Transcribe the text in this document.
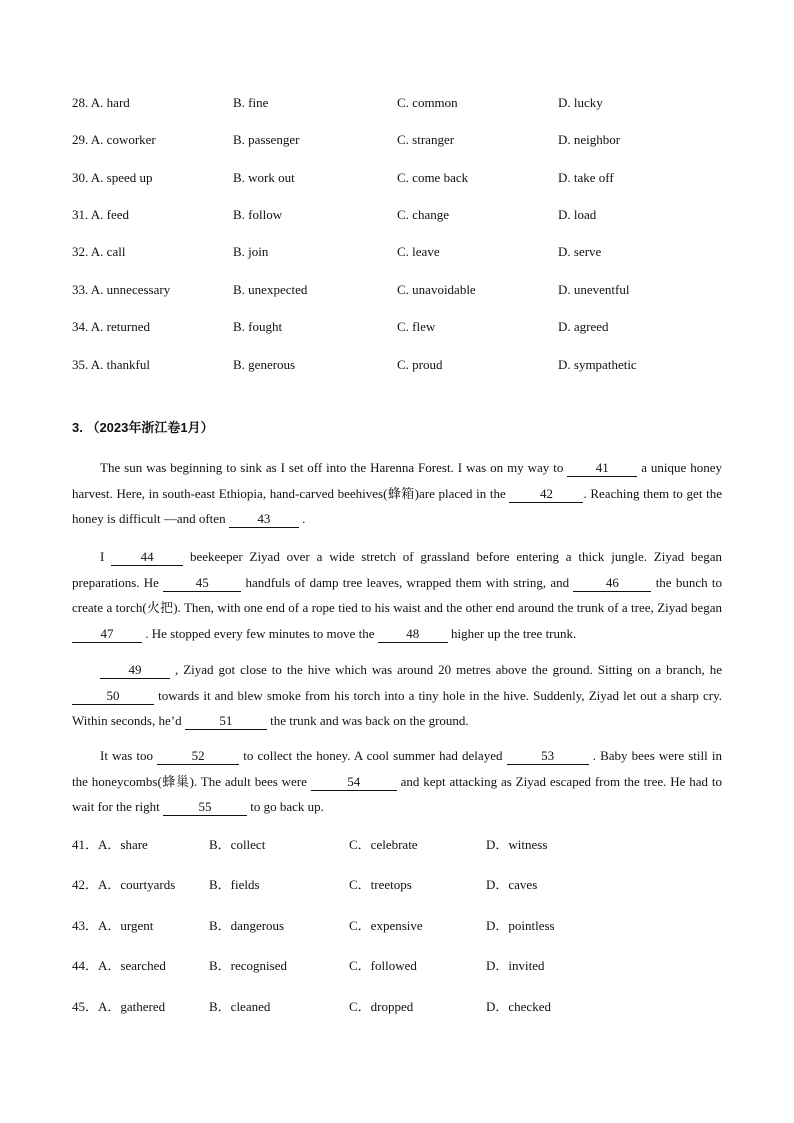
28. A. hard	B. fine	C. common	D. lucky
29. A. coworker	B. passenger	C. stranger	D. neighbor
30. A. speed up	B. work out	C. come back	D. take off
31. A. feed	B. follow	C. change	D. load
32. A. call	B. join	C. leave	D. serve
33. A. unnecessary	B. unexpected	C. unavoidable	D. uneventful
34. A. returned	B. fought	C. flew	D. agreed
35. A. thankful	B. generous	C. proud	D. sympathetic
3. （2023年浙江卷1月）
The sun was beginning to sink as I set off into the Harenna Forest. I was on my way to 41 a unique honey harvest. Here, in south-east Ethiopia, hand-carved beehives(蜂箱)are placed in the 42 . Reaching them to get the honey is difficult —and often 43 .
I 44 beekeeper Ziyad over a wide stretch of grassland before entering a thick jungle. Ziyad began preparations. He	45	handfuls of damp tree leaves, wrapped them with string, and	46	the bunch to create a torch(火把). Then, with one end of a rope tied to his waist and the other end around the trunk of a tree, Ziyad began 47 . He stopped every few minutes to move the 48 higher up the tree trunk.
49 , Ziyad got close to the hive which was around 20 metres above the ground. Sitting on a branch, he 50	towards it and blew smoke from his torch into a tiny hole in the hive. Suddenly, Ziyad let out a sharp cry. Within seconds, he’d	51	the trunk and was back on the ground.
It was too	52	to collect the honey. A cool summer had delayed	53	. Baby bees were still in the honeycombs(蜂巢). The adult bees were	54	and kept attacking as Ziyad escaped from the tree. He had to wait for the right	55	to go back up.
41．A．share	B．collect	C．celebrate	D．witness
42．A．courtyards	B．fields	C．treetops	D．caves
43．A．urgent	B．dangerous	C．expensive	D．pointless
44．A．searched	B．recognised	C．followed	D．invited
45．A．gathered	B．cleaned	C．dropped	D．checked
